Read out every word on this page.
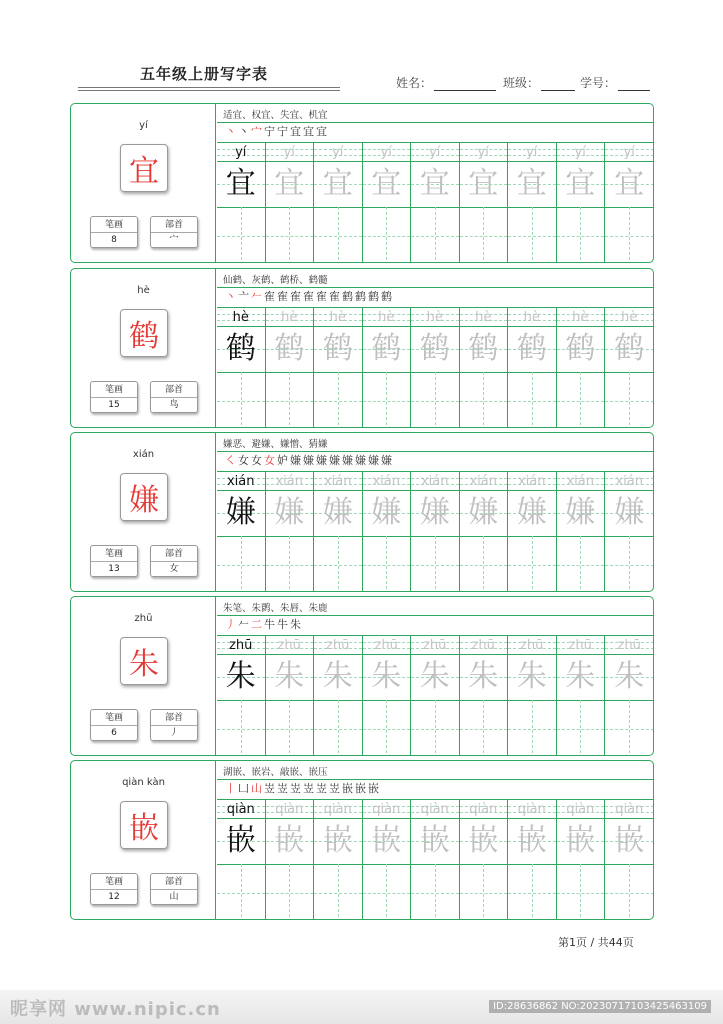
五年级上册写字表	姓名：	班级：	学号：
yí
宜
笔画
8
部首
宀
适宜、权宜、失宜、机宜
丶丶宀宁宁宜宜宜
yí
宜
yí
宜
yí
宜
yí
宜
yí
宜
yí
宜
yí
宜
yí
宜
yí
宜
hè
鹤
笔画
15
部首
鸟
仙鹤、灰鹤、鹤桥、鹤髓
丶亠𠂉隺隺隺隺隺隺鹤鹤鹤鹤
hè
鹤
hè
鹤
hè
鹤
hè
鹤
hè
鹤
hè
鹤
hè
鹤
hè
鹤
hè
鹤
xián
嫌
笔画
13
部首
女
嫌恶、避嫌、嫌憎、猜嫌
㇛女女女妒嫌嫌嫌嫌嫌嫌嫌嫌
xián
嫌
xián
嫌
xián
嫌
xián
嫌
xián
嫌
xián
嫌
xián
嫌
xián
嫌
xián
嫌
zhū
朱
笔画
6
部首
丿
朱笔、朱鹮、朱唇、朱鹿
丿𠂉二牛牛朱
zhū
朱
zhū
朱
zhū
朱
zhū
朱
zhū
朱
zhū
朱
zhū
朱
zhū
朱
zhū
朱
qiàn kàn
嵌
笔画
12
部首
山
湖嵌、嵌岩、敲嵌、嵌压
丨凵山岦岦岦岦岦岦嵌嵌嵌
qiàn
嵌
qiàn
嵌
qiàn
嵌
qiàn
嵌
qiàn
嵌
qiàn
嵌
qiàn
嵌
qiàn
嵌
qiàn
嵌
第1页 / 共44页
昵享网 www.nipic.cn	ID:28636862 NO:20230717103425463109
